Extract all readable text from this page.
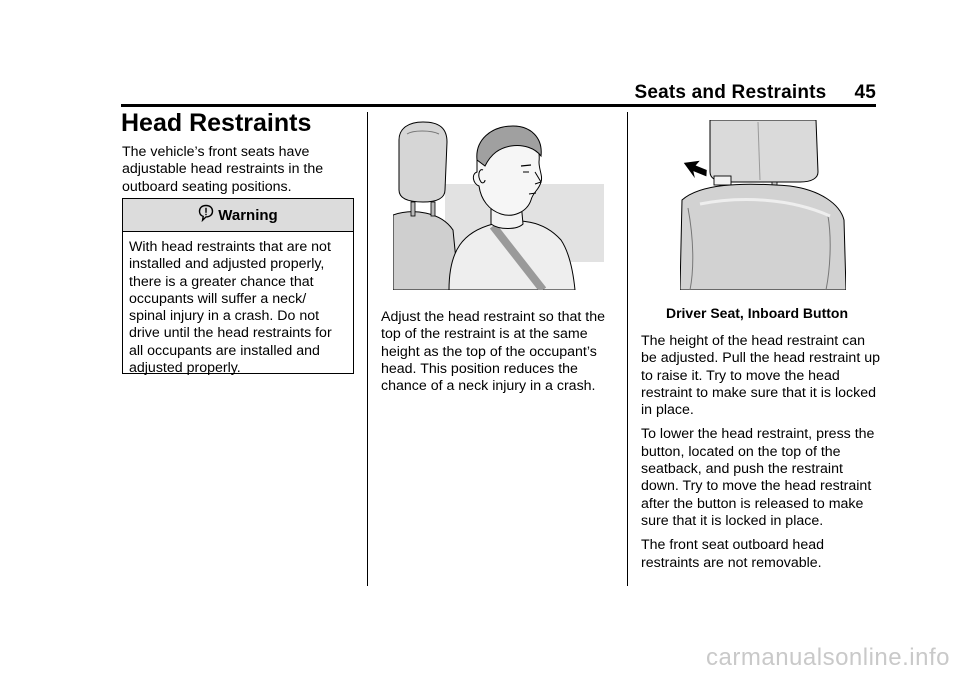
Seats and Restraints 45
Head Restraints

The vehicle’s front seats have adjustable head restraints in the outboard seating positions.

Warning
With head restraints that are not installed and adjusted properly, there is a greater chance that occupants will suffer a neck/ spinal injury in a crash. Do not drive until the head restraints for all occupants are installed and adjusted properly.

Adjust the head restraint so that the top of the restraint is at the same height as the top of the occupant’s head. This position reduces the chance of a neck injury in a crash.

Driver Seat, Inboard Button

The height of the head restraint can be adjusted. Pull the head restraint up to raise it. Try to move the head restraint to make sure that it is locked in place.

To lower the head restraint, press the button, located on the top of the seatback, and push the restraint down. Try to move the head restraint after the button is released to make sure that it is locked in place.

The front seat outboard head restraints are not removable.

carmanualsonline.info
